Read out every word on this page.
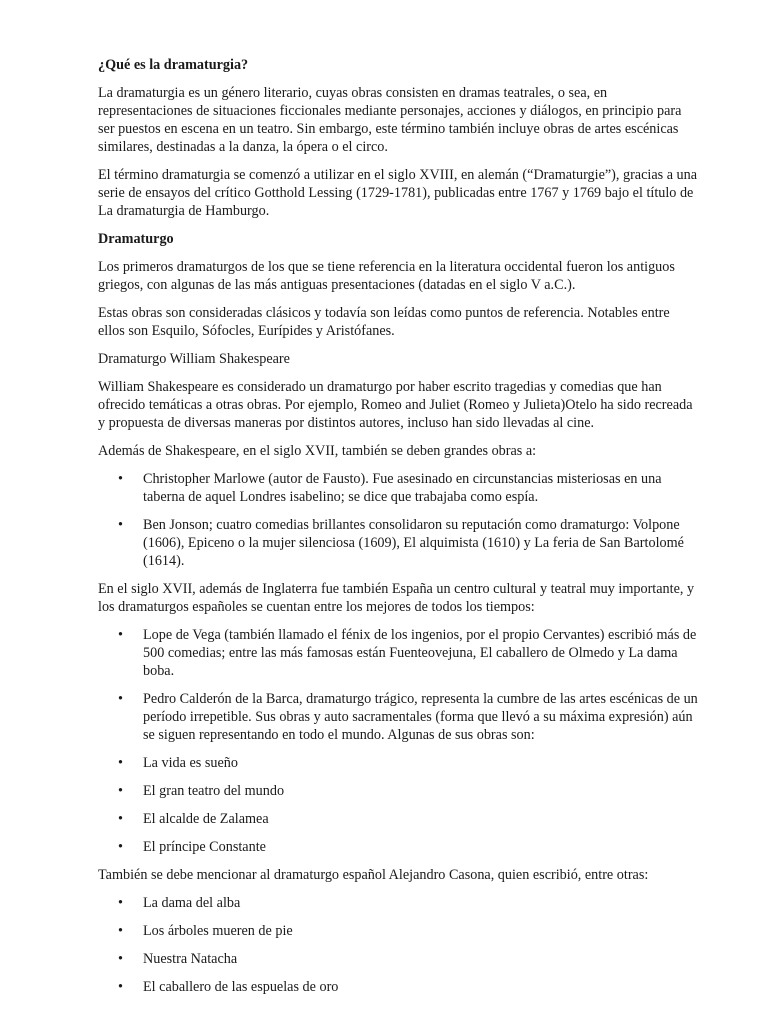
¿Qué es la dramaturgia?

La dramaturgia es un género literario, cuyas obras consisten en dramas teatrales, o sea, en representaciones de situaciones ficcionales mediante personajes, acciones y diálogos, en principio para ser puestos en escena en un teatro. Sin embargo, este término también incluye obras de artes escénicas similares, destinadas a la danza, la ópera o el circo.

El término dramaturgia se comenzó a utilizar en el siglo XVIII, en alemán (“Dramaturgie”), gracias a una serie de ensayos del crítico Gotthold Lessing (1729-1781), publicadas entre 1767 y 1769 bajo el título de La dramaturgia de Hamburgo.

Dramaturgo

Los primeros dramaturgos de los que se tiene referencia en la literatura occidental fueron los antiguos griegos, con algunas de las más antiguas presentaciones (datadas en el siglo V a.C.).

Estas obras son consideradas clásicos y todavía son leídas como puntos de referencia. Notables entre ellos son Esquilo, Sófocles, Eurípides y Aristófanes.

Dramaturgo William Shakespeare

William Shakespeare es considerado un dramaturgo por haber escrito tragedias y comedias que han ofrecido temáticas a otras obras. Por ejemplo, Romeo and Juliet (Romeo y Julieta)Otelo ha sido recreada y propuesta de diversas maneras por distintos autores, incluso han sido llevadas al cine.

Además de Shakespeare, en el siglo XVII, también se deben grandes obras a:

• Christopher Marlowe (autor de Fausto). Fue asesinado en circunstancias misteriosas en una taberna de aquel Londres isabelino; se dice que trabajaba como espía.
• Ben Jonson; cuatro comedias brillantes consolidaron su reputación como dramaturgo: Volpone (1606), Epiceno o la mujer silenciosa (1609), El alquimista (1610) y La feria de San Bartolomé (1614).

En el siglo XVII, además de Inglaterra fue también España un centro cultural y teatral muy importante, y los dramaturgos españoles se cuentan entre los mejores de todos los tiempos:

• Lope de Vega (también llamado el fénix de los ingenios, por el propio Cervantes) escribió más de 500 comedias; entre las más famosas están Fuenteovejuna, El caballero de Olmedo y La dama boba.
• Pedro Calderón de la Barca, dramaturgo trágico, representa la cumbre de las artes escénicas de un período irrepetible. Sus obras y auto sacramentales (forma que llevó a su máxima expresión) aún se siguen representando en todo el mundo. Algunas de sus obras son:
• La vida es sueño
• El gran teatro del mundo
• El alcalde de Zalamea
• El príncipe Constante

También se debe mencionar al dramaturgo español Alejandro Casona, quien escribió, entre otras:

• La dama del alba
• Los árboles mueren de pie
• Nuestra Natacha
• El caballero de las espuelas de oro
